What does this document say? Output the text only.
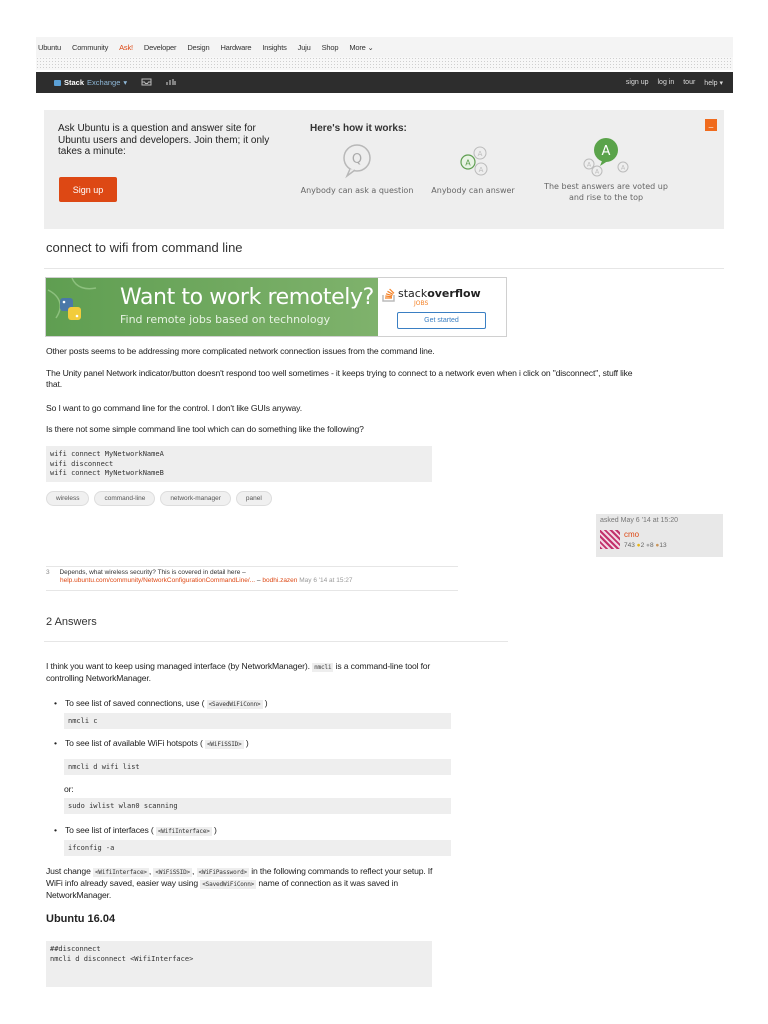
Ubuntu Community Ask! Developer Design Hardware Insights Juju Shop More ⌄
Stack Exchange ▾	sign up log in tour help ▾
Ask Ubuntu is a question and answer site for Ubuntu users and developers. Join them; it only takes a minute:
Sign up
Here's how it works:	_
Q
Anybody can ask a question
A
A
A
Anybody can answer
A
A
A
A
The best answers are voted up and rise to the top
connect to wifi from command line
Want to work remotely?
Find remote jobs based on technology
stackoverflow
JOBS
Get started
Other posts seems to be addressing more complicated network connection issues from the command line.
The Unity panel Network indicator/button doesn't respond too well sometimes - it keeps trying to connect to a network even when i click on "disconnect", stuff like that.
So I want to go command line for the control. I don't like GUIs anyway.
Is there not some simple command line tool which can do something like the following?
wifi connect MyNetworkNameA
wifi disconnect
wifi connect MyNetworkNameB
wireless	command-line	network-manager	panel
asked May 6 '14 at 15:20
cmo
743 ●2 ●8 ●13
3 Depends, what wireless security? This is covered in detail here –
help.ubuntu.com/community/NetworkConfigurationCommandLine/... – bodhi.zazen May 6 '14 at 15:27
2 Answers
I think you want to keep using managed interface (by NetworkManager). nmcli is a command-line tool for controlling NetworkManager.
• To see list of saved connections, use ( <SavedWiFiConn> )
nmcli c
• To see list of available WiFi hotspots ( <WiFiSSID> )
nmcli d wifi list
or:
sudo iwlist wlan0 scanning
• To see list of interfaces ( <WifiInterface> )
ifconfig -a
Just change <WifiInterface> , <WiFiSSID> , <WiFiPassword> in the following commands to reflect your setup. If WiFi info already saved, easier way using <SavedWiFiConn> name of connection as it was saved in NetworkManager.
Ubuntu 16.04
##disconnect
nmcli d disconnect <WifiInterface>
